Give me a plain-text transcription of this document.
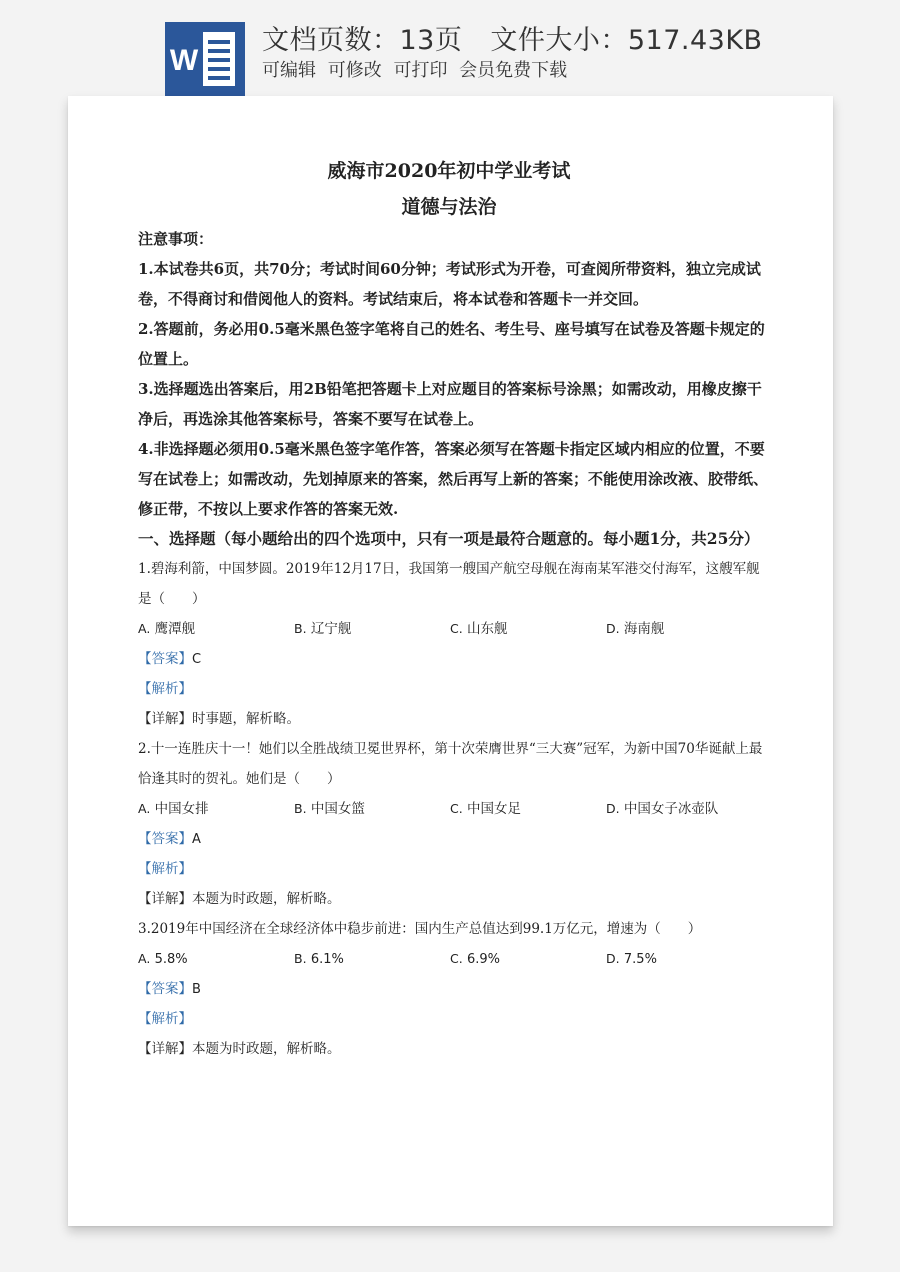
W
文档页数：13页 文件大小：517.43KB
可编辑 可修改 可打印 会员免费下载
威海市2020年初中学业考试
道德与法治
注意事项：

1.本试卷共6页，共70分；考试时间60分钟；考试形式为开卷，可查阅所带资料，独立完成试卷，不得商讨和借阅他人的资料。考试结束后，将本试卷和答题卡一并交回。

2.答题前，务必用0.5毫米黑色签字笔将自己的姓名、考生号、座号填写在试卷及答题卡规定的位置上。

3.选择题选出答案后，用2B铅笔把答题卡上对应题目的答案标号涂黑；如需改动，用橡皮擦干净后，再选涂其他答案标号，答案不要写在试卷上。

4.非选择题必须用0.5毫米黑色签字笔作答，答案必须写在答题卡指定区域内相应的位置，不要写在试卷上；如需改动，先划掉原来的答案，然后再写上新的答案；不能使用涂改液、胶带纸、修正带，不按以上要求作答的答案无效.

一、选择题（每小题给出的四个选项中，只有一项是最符合题意的。每小题1分，共25分）

1.碧海利箭，中国梦圆。2019年12月17日，我国第一艘国产航空母舰在海南某军港交付海军，这艘军舰是（　　）

A. 鹰潭舰	B. 辽宁舰	C. 山东舰	D. 海南舰
【答案】C
【解析】
【详解】时事题，解析略。

2.十一连胜庆十一！她们以全胜战绩卫冕世界杯，第十次荣膺世界“三大赛”冠军，为新中国70华诞献上最恰逢其时的贺礼。她们是（　　）

A. 中国女排	B. 中国女篮	C. 中国女足	D. 中国女子冰壶队
【答案】A
【解析】
【详解】本题为时政题，解析略。

3.2019年中国经济在全球经济体中稳步前进：国内生产总值达到99.1万亿元，增速为（　　）

A. 5.8%	B. 6.1%	C. 6.9%	D. 7.5%
【答案】B
【解析】
【详解】本题为时政题，解析略。
